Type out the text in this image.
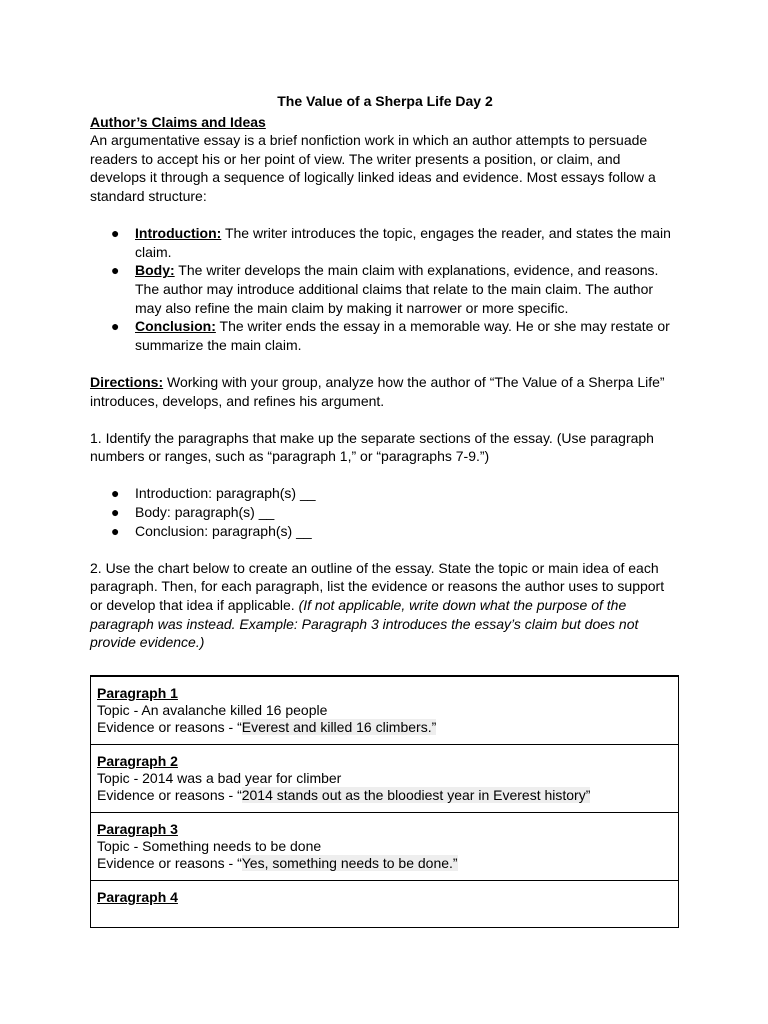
The Value of a Sherpa Life Day 2

Author’s Claims and Ideas

An argumentative essay is a brief nonfiction work in which an author attempts to persuade readers to accept his or her point of view. The writer presents a position, or claim, and develops it through a sequence of logically linked ideas and evidence. Most essays follow a standard structure:

● Introduction: The writer introduces the topic, engages the reader, and states the main claim.
● Body: The writer develops the main claim with explanations, evidence, and reasons. The author may introduce additional claims that relate to the main claim. The author may also refine the main claim by making it narrower or more specific.
● Conclusion: The writer ends the essay in a memorable way. He or she may restate or summarize the main claim.

Directions: Working with your group, analyze how the author of “The Value of a Sherpa Life” introduces, develops, and refines his argument.

1. Identify the paragraphs that make up the separate sections of the essay. (Use paragraph numbers or ranges, such as “paragraph 1,” or “paragraphs 7-9.”)

● Introduction: paragraph(s) __
● Body: paragraph(s) __
● Conclusion: paragraph(s) __

2. Use the chart below to create an outline of the essay. State the topic or main idea of each paragraph. Then, for each paragraph, list the evidence or reasons the author uses to support or develop that idea if applicable. (If not applicable, write down what the purpose of the paragraph was instead. Example: Paragraph 3 introduces the essay’s claim but does not provide evidence.)

Paragraph 1
Topic - An avalanche killed 16 people
Evidence or reasons - “Everest and killed 16 climbers.”

Paragraph 2
Topic - 2014 was a bad year for climber
Evidence or reasons - “2014 stands out as the bloodiest year in Everest history”

Paragraph 3
Topic - Something needs to be done
Evidence or reasons - “Yes, something needs to be done.”

Paragraph 4
